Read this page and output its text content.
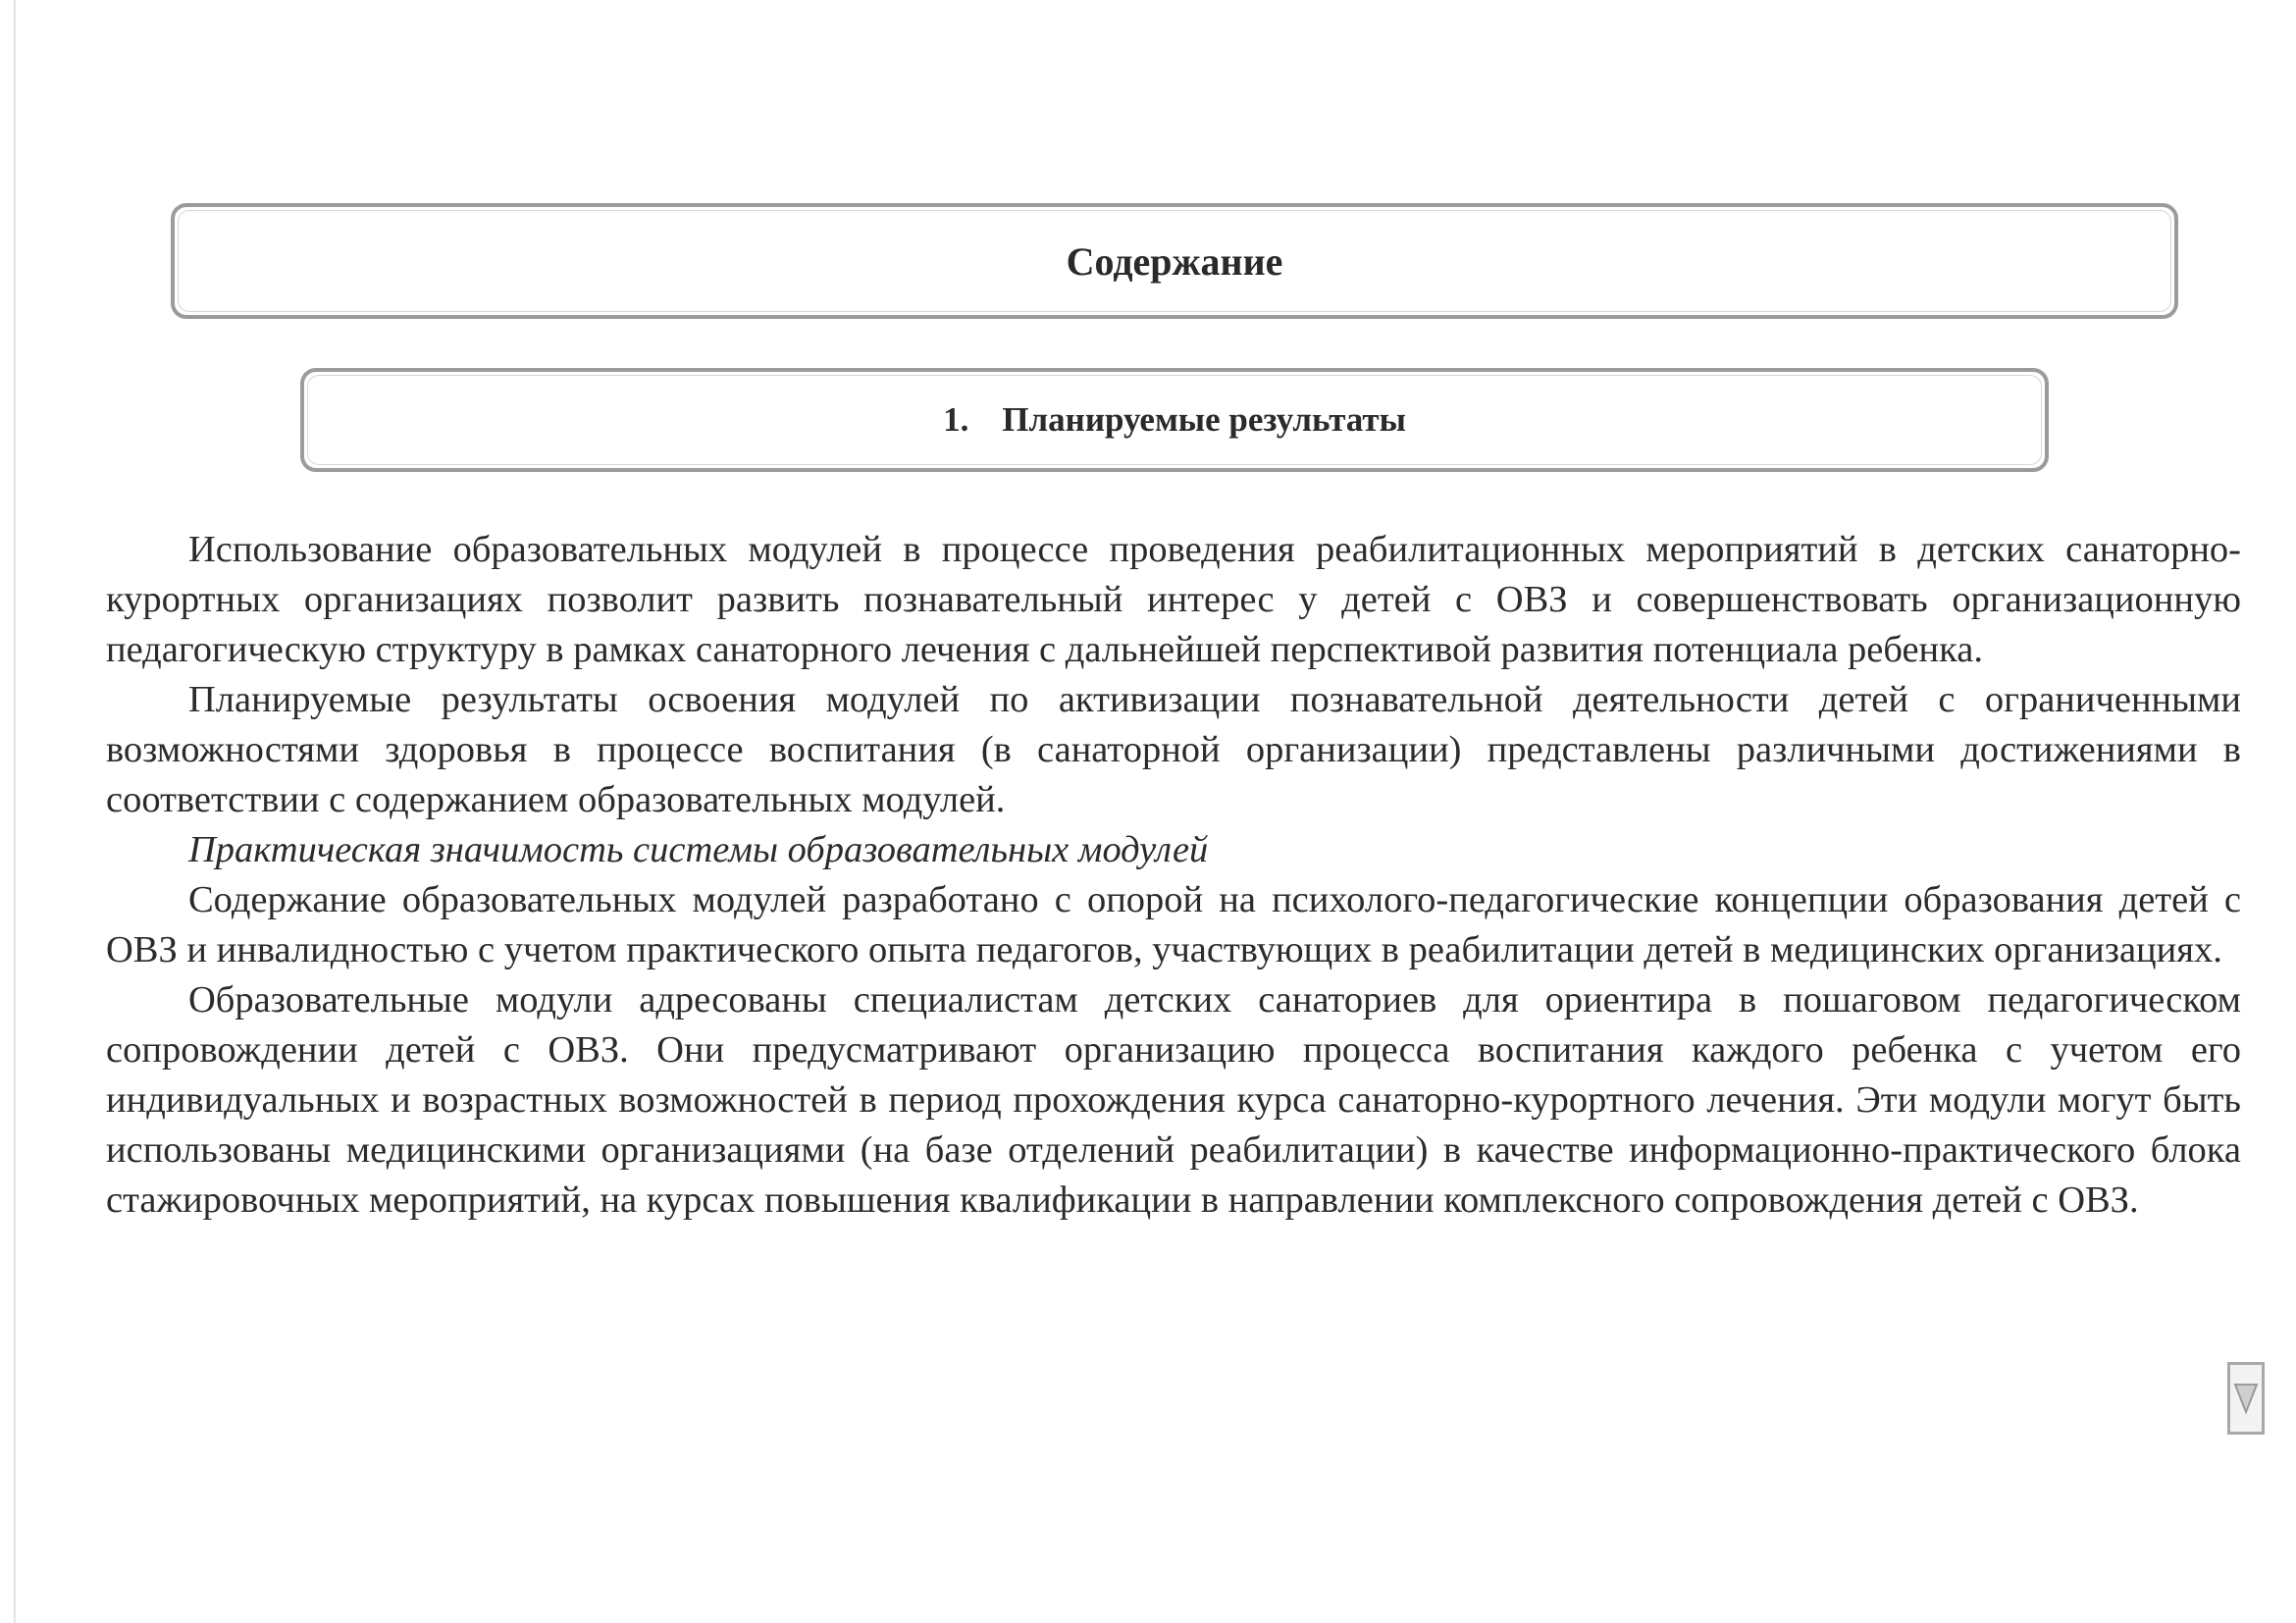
Содержание
1. Планируемые результаты

Использование образовательных модулей в процессе проведения реабилитационных мероприятий в детских санаторно-курортных организациях позволит развить познавательный интерес у детей с ОВЗ и совершенствовать организационную педагогическую структуру в рамках санаторного лечения с дальнейшей перспективой развития потенциала ребенка.

Планируемые результаты освоения модулей по активизации познавательной деятельности детей с ограниченными возможностями здоровья в процессе воспитания (в санаторной организации) представлены различными достижениями в соответствии с содержанием образовательных модулей.

Практическая значимость системы образовательных модулей

Содержание образовательных модулей разработано с опорой на психолого-педагогические концепции образования детей с ОВЗ и инвалидностью с учетом практического опыта педагогов, участвующих в реабилитации детей в медицинских организациях.

Образовательные модули адресованы специалистам детских санаториев для ориентира в пошаговом педагогическом сопровождении детей с ОВЗ. Они предусматривают организацию процесса воспитания каждого ребенка с учетом его индивидуальных и возрастных возможностей в период прохождения курса санаторно-курортного лечения. Эти модули могут быть использованы медицинскими организациями (на базе отделений реабилитации) в качестве информационно-практического блока стажировочных мероприятий, на курсах повышения квалификации в направлении комплексного сопровождения детей с ОВЗ.
